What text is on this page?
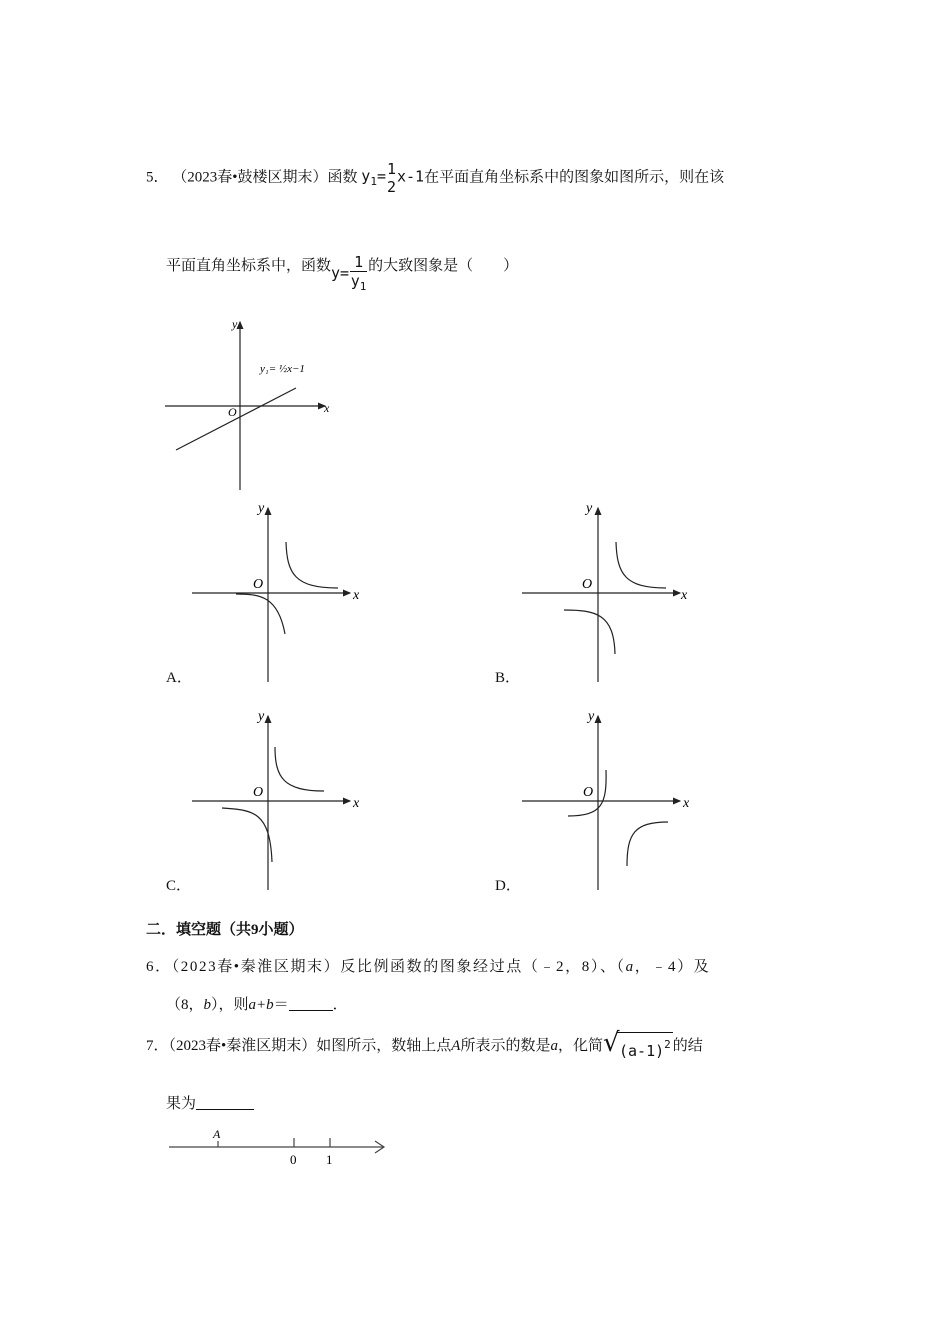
5． （2023春•鼓楼区期末）函数 $y_1= 1$
2
x-1在平面直角坐标系中的图象如图所示，则在该
平面直角坐标系中，函数$y= \frac{1}{y_1}$ 的大致图象是（　　）
y
x
O
y₁= ½x−1
y
x
O
A．
y
x
O
B．
y
x
O
C．
y
x
O
D．
二．填空题（共9小题）
6．（2023春•秦淮区期末）反比例函数的图象经过点（﹣2，8）、（a，﹣4）及
（8，b），则a+b＝	．
7．（2023春•秦淮区期末）如图所示，数轴上点A所表示的数是a，化简 √ $(a-1)^2$ 的结
果为
A
0 1
